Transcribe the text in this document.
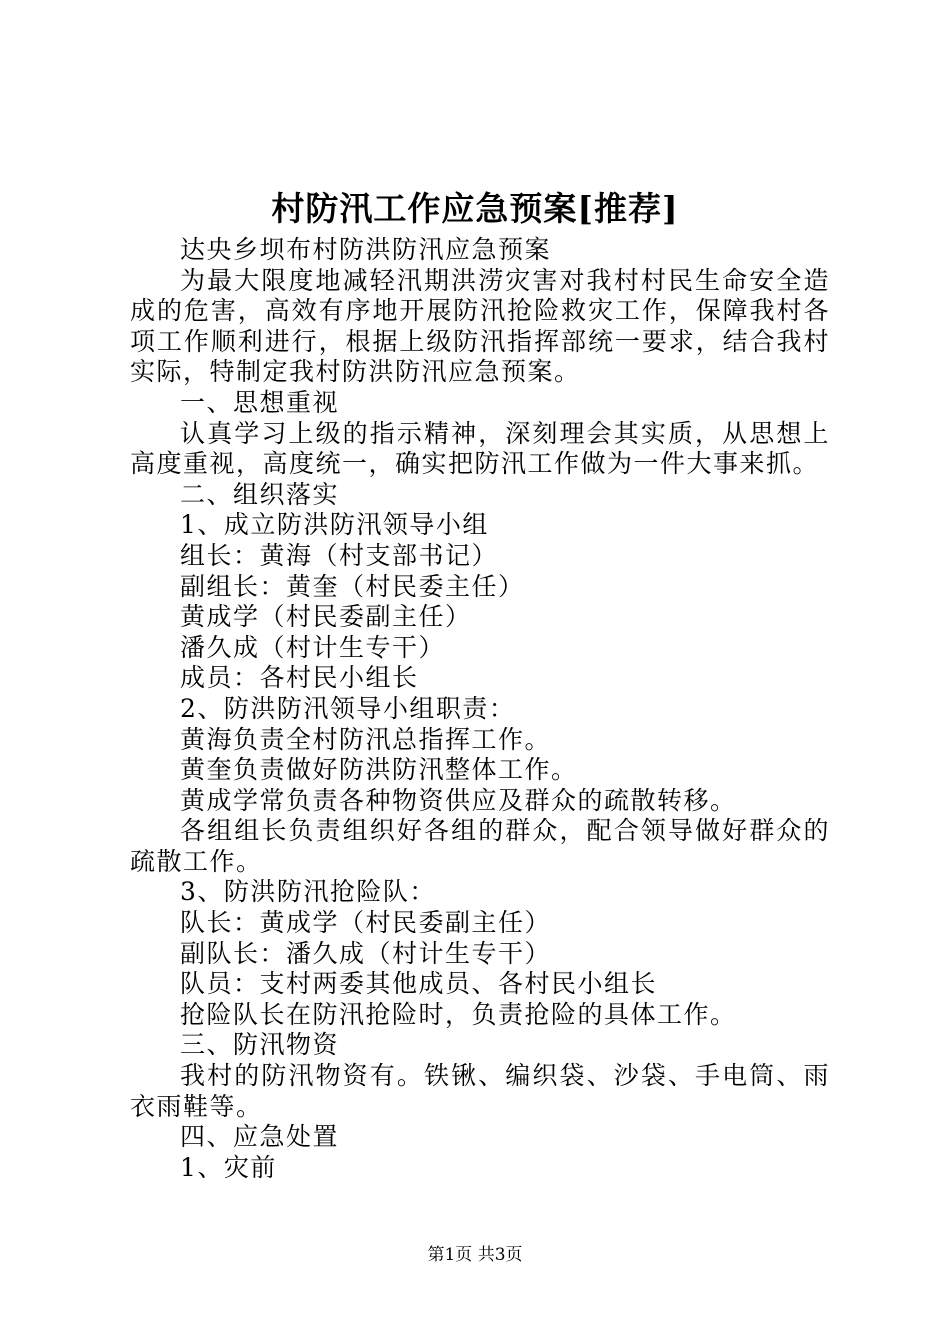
村防汛工作应急预案[推荐]

达央乡坝布村防洪防汛应急预案

为最大限度地减轻汛期洪涝灾害对我村村民生命安全造成的危害，高效有序地开展防汛抢险救灾工作，保障我村各项工作顺利进行，根据上级防汛指挥部统一要求，结合我村实际，特制定我村防洪防汛应急预案。

一、思想重视

认真学习上级的指示精神，深刻理会其实质，从思想上高度重视，高度统一，确实把防汛工作做为一件大事来抓。

二、组织落实

1、成立防洪防汛领导小组

组长：黄海（村支部书记）

副组长：黄奎（村民委主任）

黄成学（村民委副主任）

潘久成（村计生专干）

成员：各村民小组长

2、防洪防汛领导小组职责：

黄海负责全村防汛总指挥工作。

黄奎负责做好防洪防汛整体工作。

黄成学常负责各种物资供应及群众的疏散转移。

各组组长负责组织好各组的群众，配合领导做好群众的疏散工作。

3、防洪防汛抢险队：

队长：黄成学（村民委副主任）

副队长：潘久成（村计生专干）

队员：支村两委其他成员、各村民小组长

抢险队长在防汛抢险时，负责抢险的具体工作。

三、防汛物资

我村的防汛物资有。铁锹、编织袋、沙袋、手电筒、雨衣雨鞋等。

四、应急处置

1、灾前

第1页 共3页
